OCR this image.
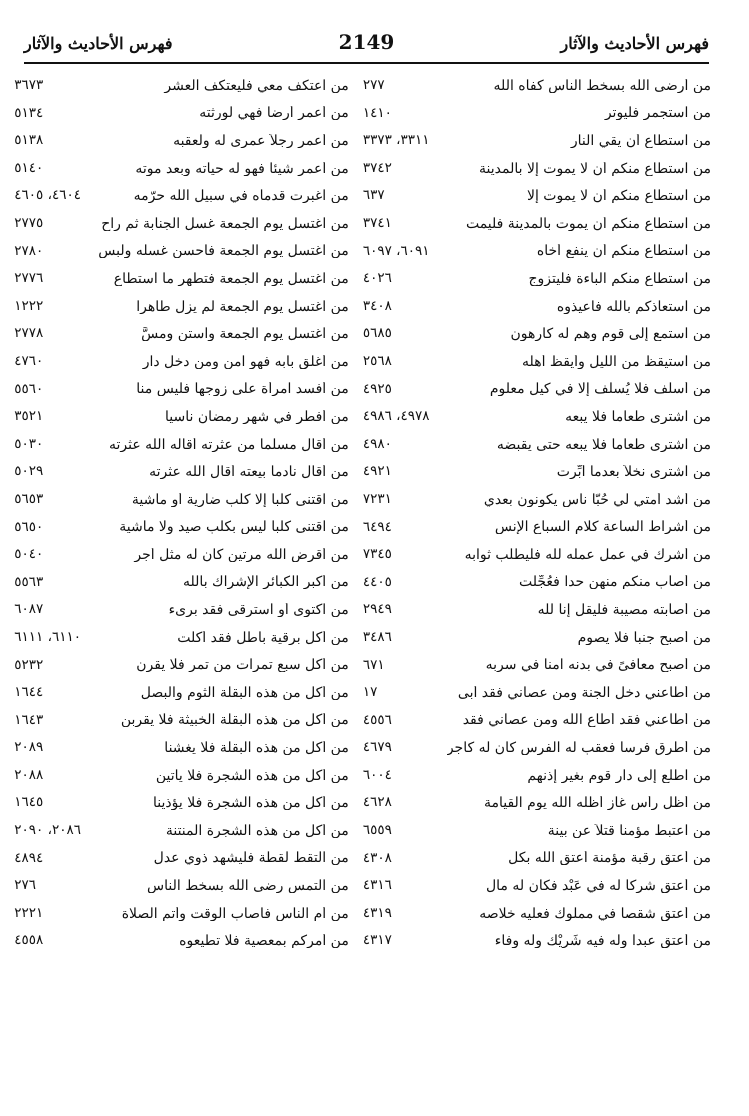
فهرس الأحاديث والآثار
2149
فهرس الأحاديث والآثار
من أرضى الله بسخط الناس كفاه الله
٢٧٧
من استجمر فليوتر
١٤١٠
من استطاع أن يقي النار
٣٣١١، ٣٣٧٣
من استطاع منكم أن لا يموت إلا بالمدينة
٣٧٤٢
من استطاع منكم أن لا يموت إلا
٦٣٧
من استطاع منكم أن يموت بالمدينة فليمت
٣٧٤١
من استطاع منكم أن ينفع أخاه
٦٠٩١، ٦٠٩٧
من استطاع منكم الباءة فليتزوج
٤٠٢٦
من استعاذكم بالله فأعيذوه
٣٤٠٨
من استمع إلى قوم وهم له كارهون
٥٦٨٥
من استيقظ من الليل وأيقظ أهله
٢٥٦٨
من أسلف فلا يُسلف إلا في كيل معلوم
٤٩٢٥
من اشترى طعاماً فلا يبعه
٤٩٧٨، ٤٩٨٦
من اشترى طعاماً فلا يبعه حتى يقبضه
٤٩٨٠
من اشترى نخلاً بعدما أُبِّرت
٤٩٢١
من أشد أمتي لي حُبّاً ناس يكونون بعدي
٧٢٣١
من أشراط الساعة كلام السباع الإنس
٦٤٩٤
من أشرك في عمل عمله لله فليطلب ثوابه
٧٣٤٥
من أصاب منكم منهن حداً فعُجِّلت
٤٤٠٥
من أصابته مصيبة فليقل إنا لله
٢٩٤٩
من أصبح جنباً فلا يصوم
٣٤٨٦
من أصبح معافىً في بدنه آمناً في سربه
٦٧١
من أطاعني دخل الجنة ومن عصاني فقد أبى
١٧
من أطاعني فقد أطاع الله ومن عصاني فقد
٤٥٥٦
من أطرق فرساً فعقب له الفرس كان له كأجر
٤٦٧٩
من اطلع إلى دار قوم بغير إذنهم
٦٠٠٤
من أظل رأس غاز أظله الله يوم القيامة
٤٦٢٨
من اعتبط مؤمناً قتلاً عن بينة
٦٥٥٩
من أعتق رقبة مؤمنة أعتق الله بكل
٤٣٠٨
من أعتق شركاً له في عَبْد فكان له مال
٤٣١٦
من أعتق شقصاً في مملوك فعليه خلاصه
٤٣١٩
من أعتق عبداً وله فيه شَرِيْك وله وفاء
٤٣١٧
من اعتكف معي فليعتكف العشر
٣٦٧٣
من أعمر أرضاً فهي لورثته
٥١٣٤
من أعمر رجلاً عمرى له ولعقبه
٥١٣٨
من أعمر شيئاً فهو له حياته وبعد موته
٥١٤٠
من اغبرت قدماه في سبيل الله حرّمه
٤٦٠٤، ٤٦٠٥
من اغتسل يوم الجمعة غسل الجنابة ثم راح
٢٧٧٥
من اغتسل يوم الجمعة فأحسن غسله ولبس
٢٧٨٠
من اغتسل يوم الجمعة فتطهر ما استطاع
٢٧٧٦
من اغتسل يوم الجمعة لم يزل طاهراً
١٢٢٢
من اغتسل يوم الجمعة واستن ومسَّ
٢٧٧٨
من أغلق بابه فهو آمن ومن دخل دار
٤٧٦٠
من أفسد امرأة على زوجها فليس منا
٥٥٦٠
من أفطر في شهر رمضان ناسياً
٣٥٢١
من أقال مسلماً من عثرته أقاله الله عثرته
٥٠٣٠
من أقال نادماً بيعته أقال الله عثرته
٥٠٢٩
من اقتنى كلباً إلا كلب ضارية أو ماشية
٥٦٥٣
من اقتنى كلباً ليس بكلب صيد ولا ماشية
٥٦٥٠
من أقرض الله مرتين كان له مثل أجر
٥٠٤٠
من أكبر الكبائر الإشراك بالله
٥٥٦٣
من اكتوى أو استرقى فقد برىء
٦٠٨٧
من أكل برقية باطل فقد أكلت
٦١١٠، ٦١١١
من أكل سبع تمرات من تمر فلا يقرن
٥٢٣٢
من أكل من هذه البقلة الثوم والبصل
١٦٤٤
من أكل من هذه البقلة الخبيثة فلا يقربن
١٦٤٣
من أكل من هذه البقلة فلا يغشنا
٢٠٨٩
من أكل من هذه الشجرة فلا يأتين
٢٠٨٨
من أكل من هذه الشجرة فلا يؤذينا
١٦٤٥
من أكل من هذه الشجرة المنتنة
٢٠٨٦، ٢٠٩٠
من التقط لقطة فليشهد ذوي عدل
٤٨٩٤
من التمس رضى الله بسخط الناس
٢٧٦
من أم الناس فأصاب الوقت وأتم الصلاة
٢٢٢١
من أمركم بمعصية فلا تطيعوه
٤٥٥٨
